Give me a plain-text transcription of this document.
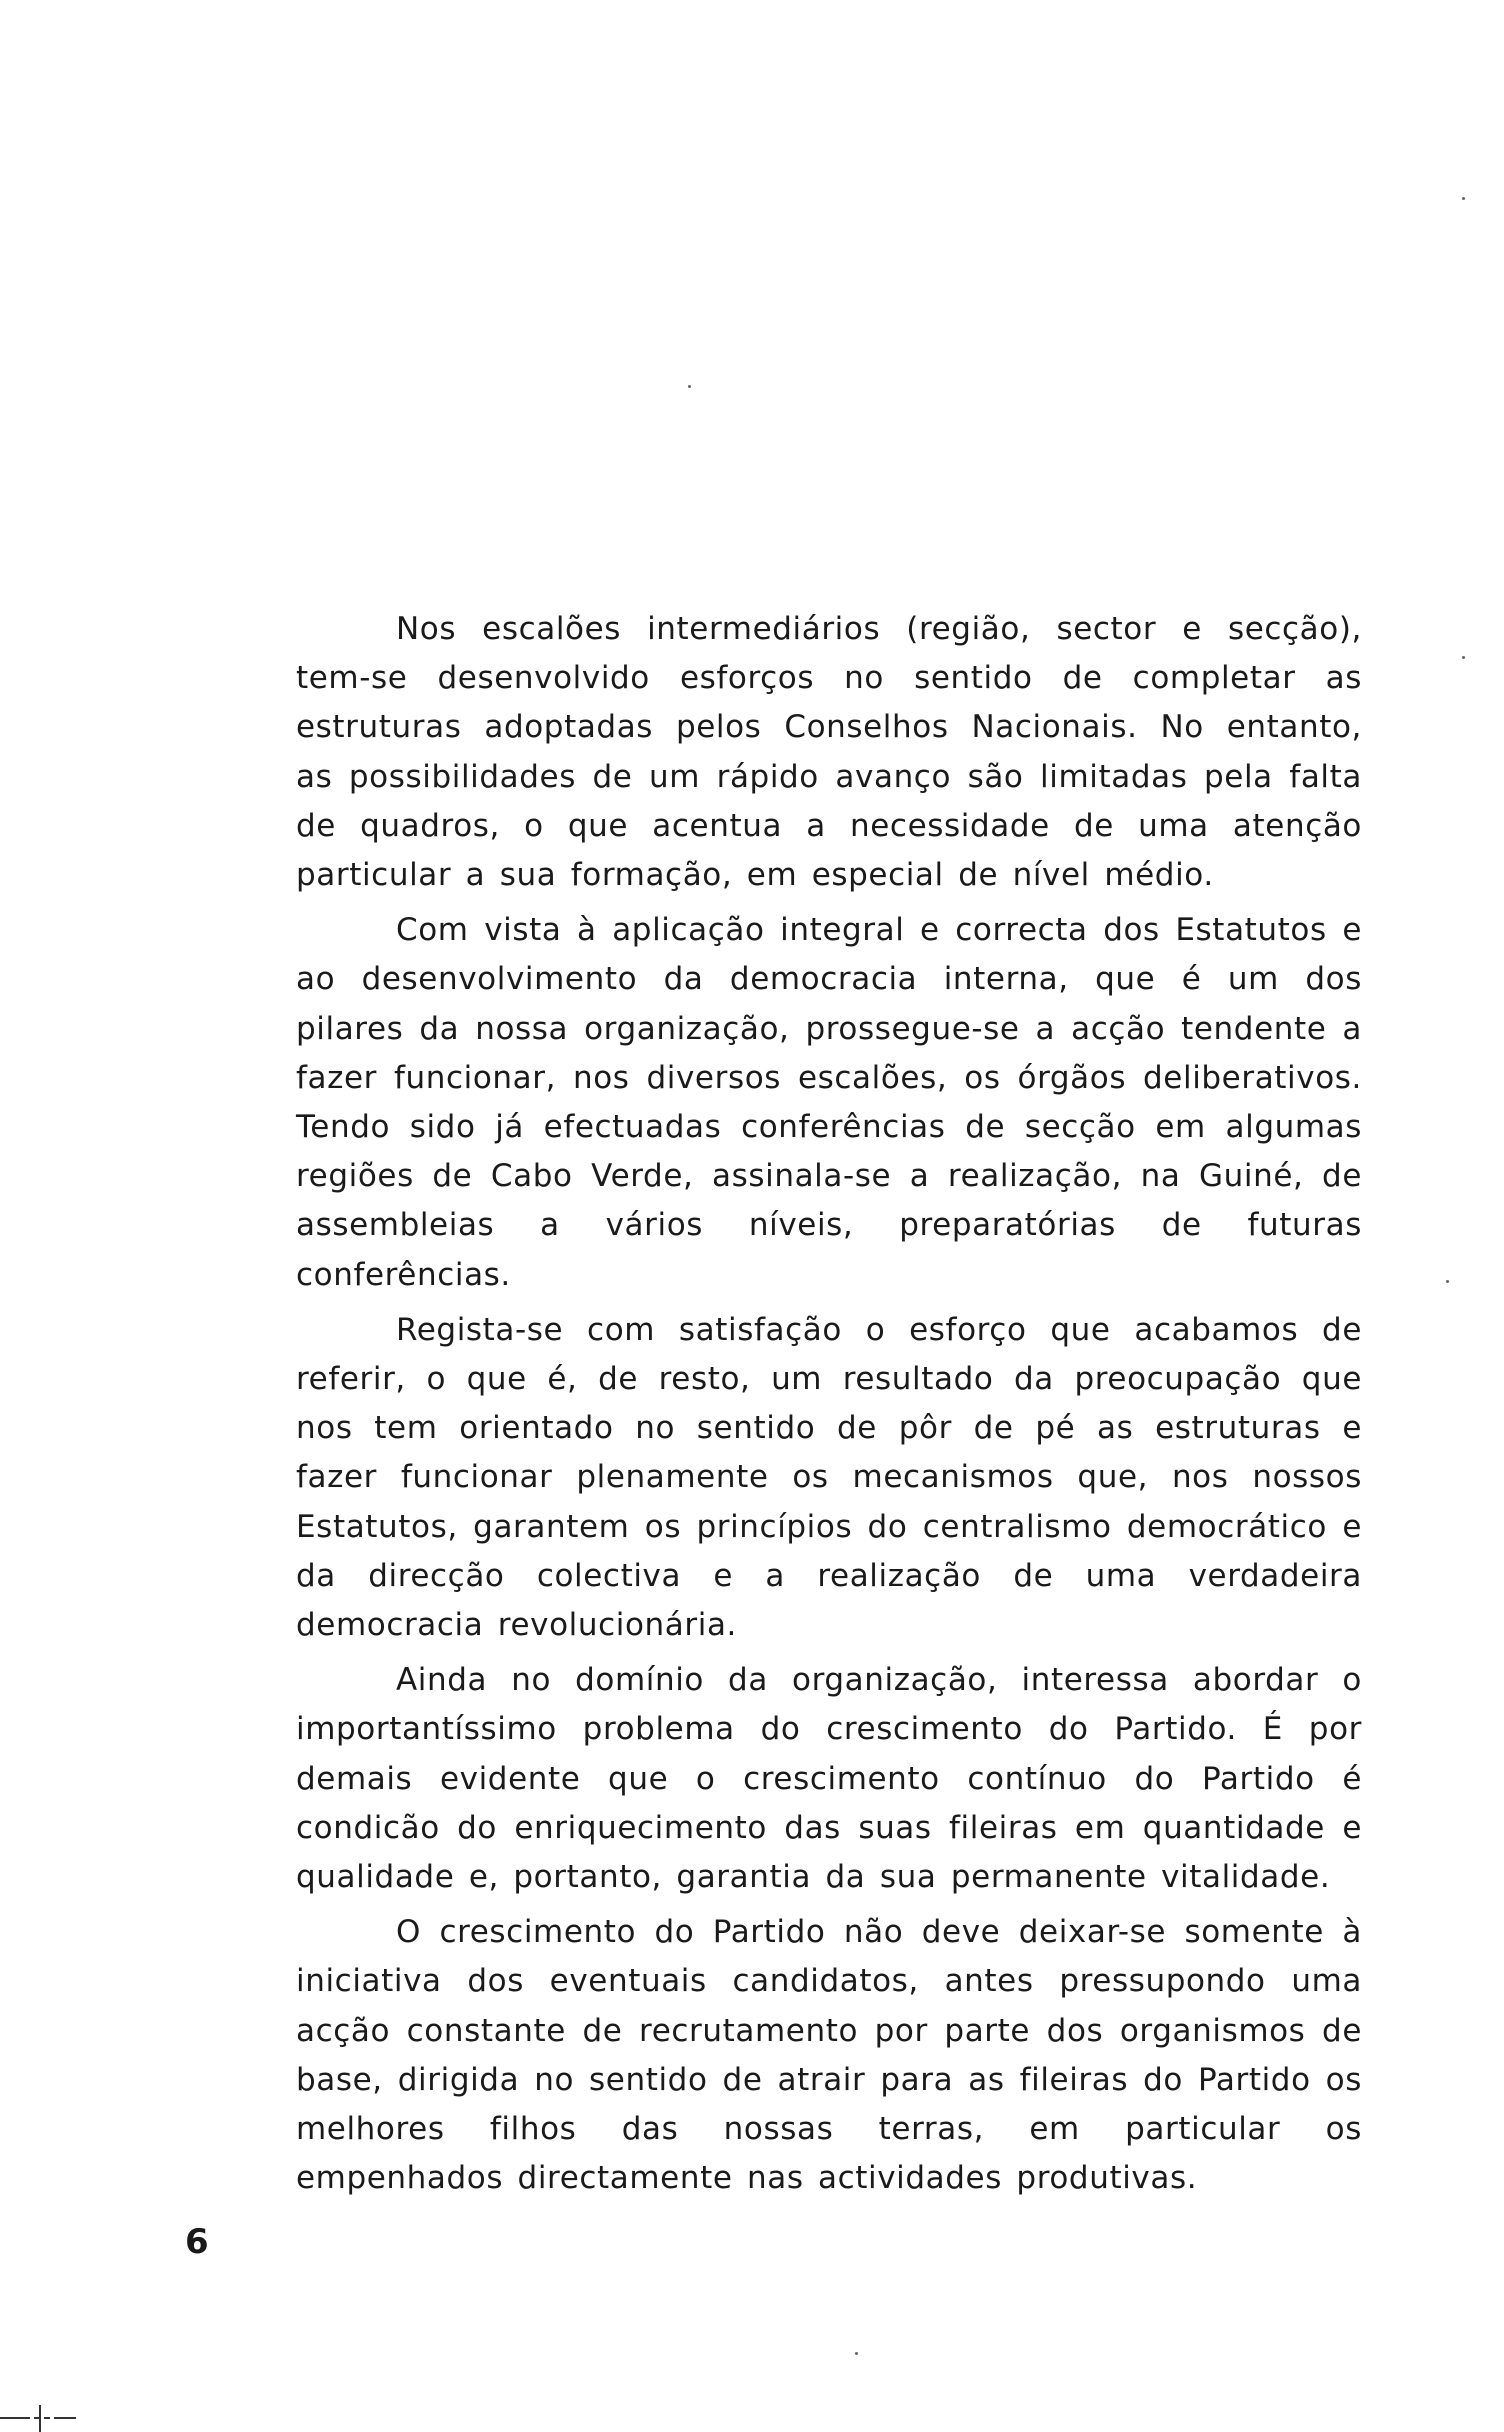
Nos escalões intermediários (região, sector e secção), tem-se desenvolvido esforços no sentido de completar as estruturas adoptadas pelos Conselhos Nacionais. No entanto, as possibilidades de um rápido avanço são limitadas pela falta de quadros, o que acentua a necessidade de uma atenção particular a sua formação, em especial de nível médio.

Com vista à aplicação integral e correcta dos Estatutos e ao desenvolvimento da democracia interna, que é um dos pilares da nossa organização, prossegue-se a acção tendente a fazer funcionar, nos diversos escalões, os órgãos deliberativos. Tendo sido já efectuadas conferências de secção em algumas regiões de Cabo Verde, assinala-se a realização, na Guiné, de assembleias a vários níveis, preparatórias de futuras conferências.

Regista-se com satisfação o esforço que acabamos de referir, o que é, de resto, um resultado da preocupação que nos tem orientado no sentido de pôr de pé as estruturas e fazer funcionar plenamente os mecanismos que, nos nossos Estatutos, garantem os princípios do centralismo democrático e da direcção colectiva e a realização de uma verdadeira democracia revolucionária.

Ainda no domínio da organização, interessa abordar o importantíssimo problema do crescimento do Partido. É por demais evidente que o crescimento contínuo do Partido é condicão do enriquecimento das suas fileiras em quantidade e qualidade e, portanto, garantia da sua permanente vitalidade.

O crescimento do Partido não deve deixar-se somente à iniciativa dos eventuais candidatos, antes pressupondo uma acção constante de recrutamento por parte dos organismos de base, dirigida no sentido de atrair para as fileiras do Partido os melhores filhos das nossas terras, em particular os empenhados directamente nas actividades produtivas.

6
